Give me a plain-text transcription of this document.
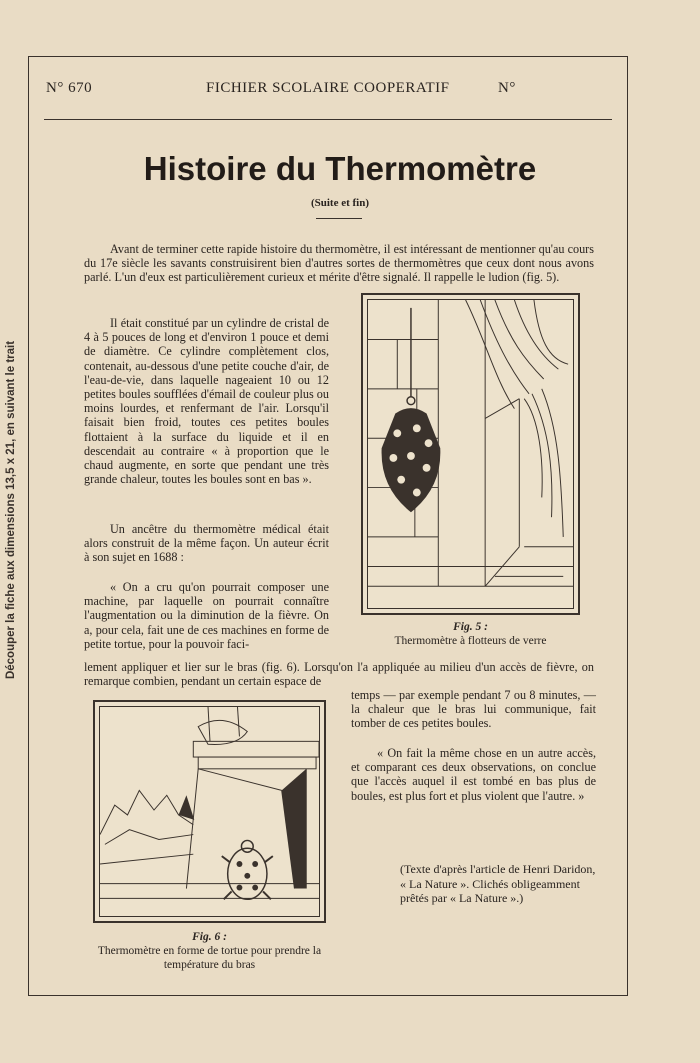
Découper la fiche aux dimensions 13,5 x 21, en suivant le trait
N° 670	FICHIER SCOLAIRE COOPERATIF	N°
Histoire du Thermomètre
(Suite et fin)

Avant de terminer cette rapide histoire du thermomètre, il est intéressant de mentionner qu'au cours du 17e siècle les savants construisirent bien d'autres sortes de thermomètres que ceux dont nous avons parlé. L'un d'eux est particulièrement curieux et mérite d'être signalé. Il rappelle le ludion (fig. 5).

Il était constitué par un cylindre de cristal de 4 à 5 pouces de long et d'environ 1 pouce et demi de diamètre. Ce cylindre complètement clos, contenait, au-dessous d'une petite couche d'air, de l'eau-de-vie, dans laquelle nageaient 10 ou 12 petites boules soufflées d'émail de couleur plus ou moins lourdes, et renfermant de l'air. Lorsqu'il faisait bien froid, toutes ces petites boules flottaient à la surface du liquide et il en descendait au contraire « à proportion que le chaud augmente, en sorte que pendant une très grande chaleur, toutes les boules sont en bas ».

Un ancêtre du thermomètre médical était alors construit de la même façon. Un auteur écrit à son sujet en 1688 :

« On a cru qu'on pourrait composer une machine, par laquelle on pourrait connaître l'augmentation ou la diminution de la fièvre. On a, pour cela, fait une de ces machines en forme de petite tortue, pour la pouvoir faci-

lement appliquer et lier sur le bras (fig. 6). Lorsqu'on l'a appliquée au milieu d'un accès de fièvre, on remarque combien, pendant un certain espace de

temps — par exemple pendant 7 ou 8 minutes, — la chaleur que le bras lui communique, fait tomber de ces petites boules.

« On fait la même chose en un autre accès, et comparant ces deux observations, on conclue que l'accès auquel il est tombé en bas plus de boules, est plus fort et plus violent que l'autre. »

(Texte d'après l'article de Henri Daridon, « La Nature ». Clichés obligeamment prêtés par « La Nature ».)
Fig. 5 :
Thermomètre à flotteurs de verre
Fig. 6 :
Thermomètre en forme de tortue pour prendre la température du bras
